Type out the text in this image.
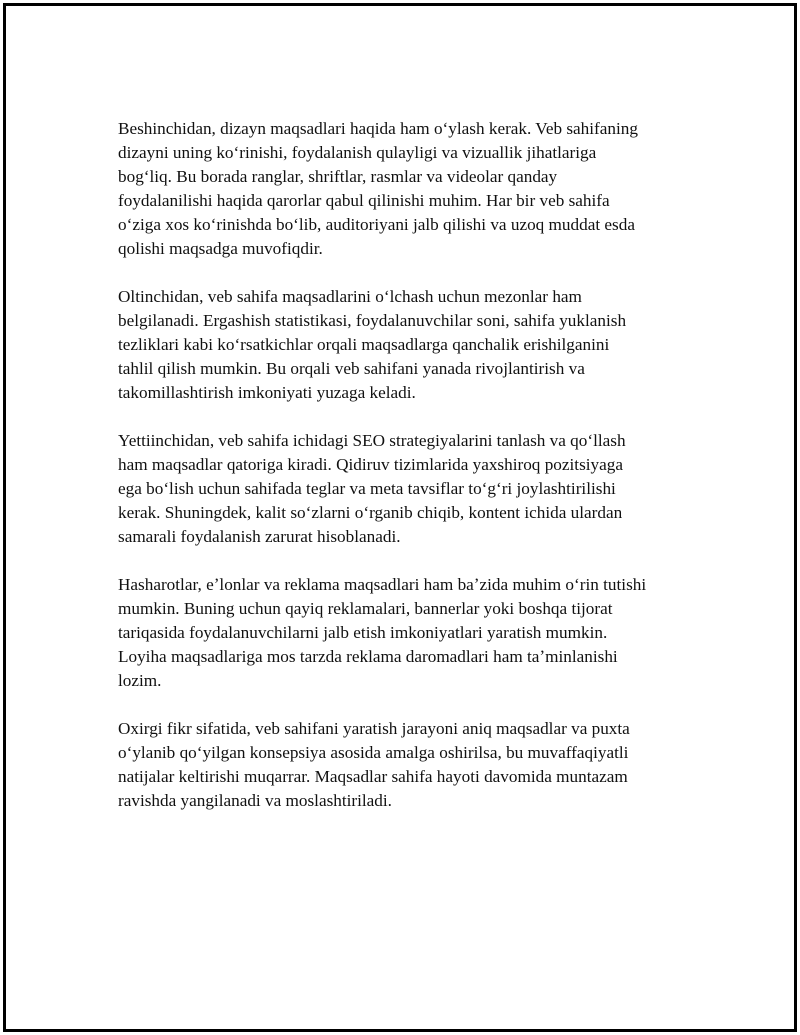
Beshinchidan, dizayn maqsadlari haqida ham oʻylash kerak. Veb sahifaning
dizayni uning koʻrinishi, foydalanish qulayligi va vizuallik jihatlariga
bogʻliq. Bu borada ranglar, shriftlar, rasmlar va videolar qanday
foydalanilishi haqida qarorlar qabul qilinishi muhim. Har bir veb sahifa
oʻziga xos koʻrinishda boʻlib, auditoriyani jalb qilishi va uzoq muddat esda
qolishi maqsadga muvofiqdir.

Oltinchidan, veb sahifa maqsadlarini oʻlchash uchun mezonlar ham
belgilanadi. Ergashish statistikasi, foydalanuvchilar soni, sahifa yuklanish
tezliklari kabi koʻrsatkichlar orqali maqsadlarga qanchalik erishilganini
tahlil qilish mumkin. Bu orqali veb sahifani yanada rivojlantirish va
takomillashtirish imkoniyati yuzaga keladi.

Yettiinchidan, veb sahifa ichidagi SEO strategiyalarini tanlash va qoʻllash
ham maqsadlar qatoriga kiradi. Qidiruv tizimlarida yaxshiroq pozitsiyaga
ega boʻlish uchun sahifada teglar va meta tavsiflar toʻgʻri joylashtirilishi
kerak. Shuningdek, kalit soʻzlarni oʻrganib chiqib, kontent ichida ulardan
samarali foydalanish zarurat hisoblanadi.

Hasharotlar, eʼlonlar va reklama maqsadlari ham baʼzida muhim oʻrin tutishi
mumkin. Buning uchun qayiq reklamalari, bannerlar yoki boshqa tijorat
tariqasida foydalanuvchilarni jalb etish imkoniyatlari yaratish mumkin.
Loyiha maqsadlariga mos tarzda reklama daromadlari ham taʼminlanishi
lozim.

Oxirgi fikr sifatida, veb sahifani yaratish jarayoni aniq maqsadlar va puxta
oʻylanib qoʻyilgan konsepsiya asosida amalga oshirilsa, bu muvaffaqiyatli
natijalar keltirishi muqarrar. Maqsadlar sahifa hayoti davomida muntazam
ravishda yangilanadi va moslashtiriladi.
